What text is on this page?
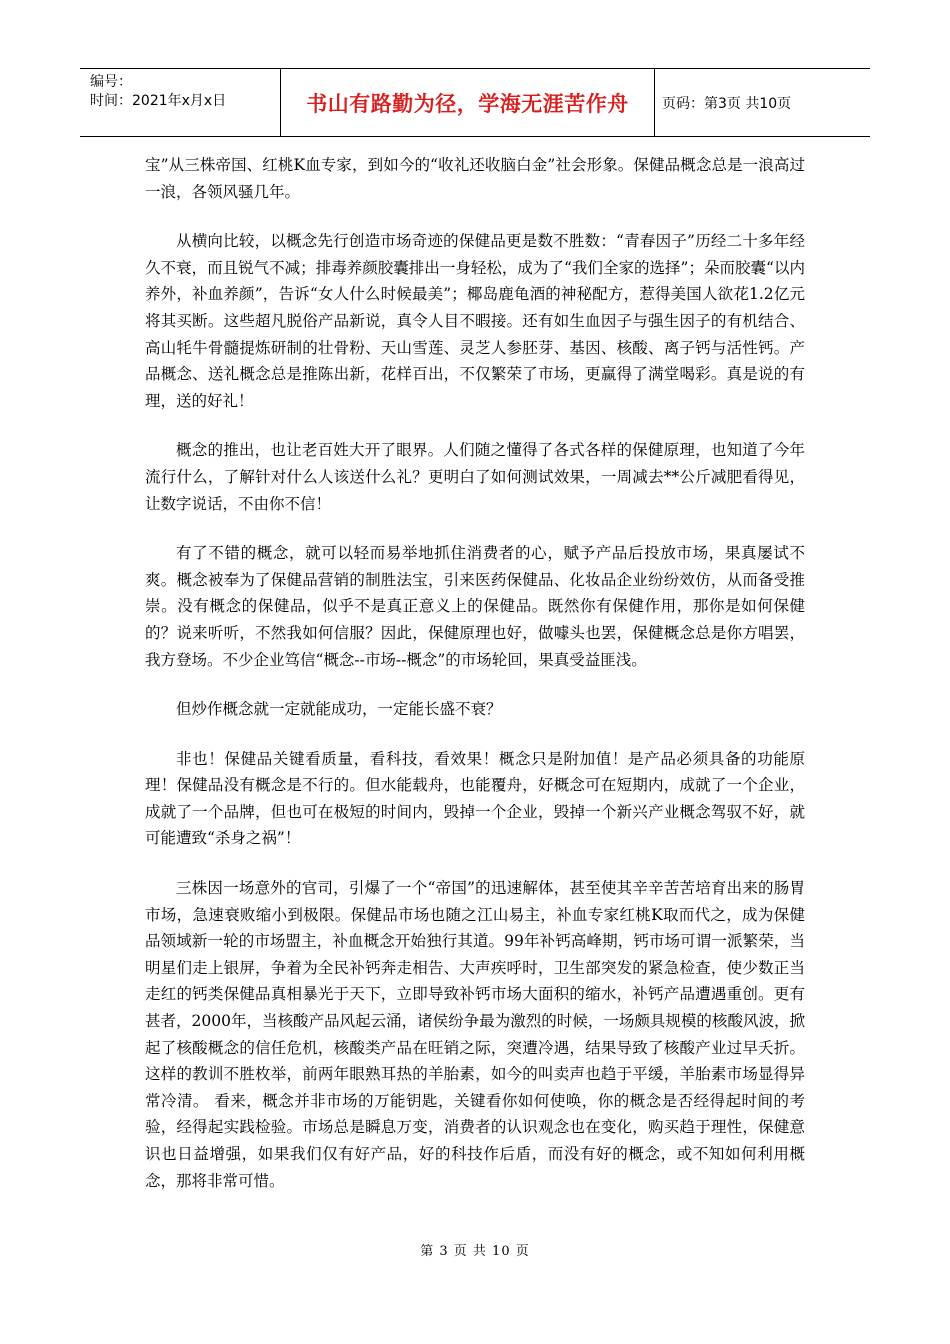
编号：
时间：2021年x月x日	书山有路勤为径，学海无涯苦作舟 页码：第3页 共10页

宝”从三株帝国、红桃K血专家，到如今的“收礼还收脑白金”社会形象。保健品概念总是一浪高过一浪，各领风骚几年。

从横向比较，以概念先行创造市场奇迹的保健品更是数不胜数：“青春因子”历经二十多年经久不衰，而且锐气不减；排毒养颜胶囊排出一身轻松，成为了“我们全家的选择”；朵而胶囊“以内养外，补血养颜”，告诉“女人什么时候最美”；椰岛鹿龟酒的神秘配方，惹得美国人欲花1.2亿元将其买断。这些超凡脱俗产品新说，真令人目不暇接。还有如生血因子与强生因子的有机结合、高山牦牛骨髓提炼研制的壮骨粉、天山雪莲、灵芝人参胚芽、基因、核酸、离子钙与活性钙。产品概念、送礼概念总是推陈出新，花样百出，不仅繁荣了市场，更赢得了满堂喝彩。真是说的有理，送的好礼！

概念的推出，也让老百姓大开了眼界。人们随之懂得了各式各样的保健原理，也知道了今年流行什么，了解针对什么人该送什么礼？更明白了如何测试效果，一周减去**公斤减肥看得见，让数字说话，不由你不信！

有了不错的概念，就可以轻而易举地抓住消费者的心，赋予产品后投放市场，果真屡试不爽。概念被奉为了保健品营销的制胜法宝，引来医药保健品、化妆品企业纷纷效仿，从而备受推崇。没有概念的保健品，似乎不是真正意义上的保健品。既然你有保健作用，那你是如何保健的？说来听听，不然我如何信服？因此，保健原理也好，做噱头也罢，保健概念总是你方唱罢，我方登场。不少企业笃信“概念--市场--概念”的市场轮回，果真受益匪浅。

但炒作概念就一定就能成功，一定能长盛不衰？

非也！保健品关键看质量，看科技，看效果！概念只是附加值！是产品必须具备的功能原理！保健品没有概念是不行的。但水能载舟，也能覆舟，好概念可在短期内，成就了一个企业，成就了一个品牌，但也可在极短的时间内，毁掉一个企业，毁掉一个新兴产业概念驾驭不好，就可能遭致“杀身之祸”！

三株因一场意外的官司，引爆了一个“帝国”的迅速解体，甚至使其辛辛苦苦培育出来的肠胃市场，急速衰败缩小到极限。保健品市场也随之江山易主，补血专家红桃K取而代之，成为保健品领域新一轮的市场盟主，补血概念开始独行其道。99年补钙高峰期，钙市场可谓一派繁荣，当明星们走上银屏，争着为全民补钙奔走相告、大声疾呼时，卫生部突发的紧急检查，使少数正当走红的钙类保健品真相暴光于天下，立即导致补钙市场大面积的缩水，补钙产品遭遇重创。更有甚者，2000年，当核酸产品风起云涌，诸侯纷争最为激烈的时候，一场颇具规模的核酸风波，掀起了核酸概念的信任危机，核酸类产品在旺销之际，突遭冷遇，结果导致了核酸产业过早夭折。这样的教训不胜枚举，前两年眼熟耳热的羊胎素，如今的叫卖声也趋于平缓，羊胎素市场显得异常冷清。 看来，概念并非市场的万能钥匙，关键看你如何使唤，你的概念是否经得起时间的考验，经得起实践检验。市场总是瞬息万变，消费者的认识观念也在变化，购买趋于理性，保健意识也日益增强，如果我们仅有好产品，好的科技作后盾，而没有好的概念，或不知如何利用概念，那将非常可惜。

第 3 页 共 10 页
